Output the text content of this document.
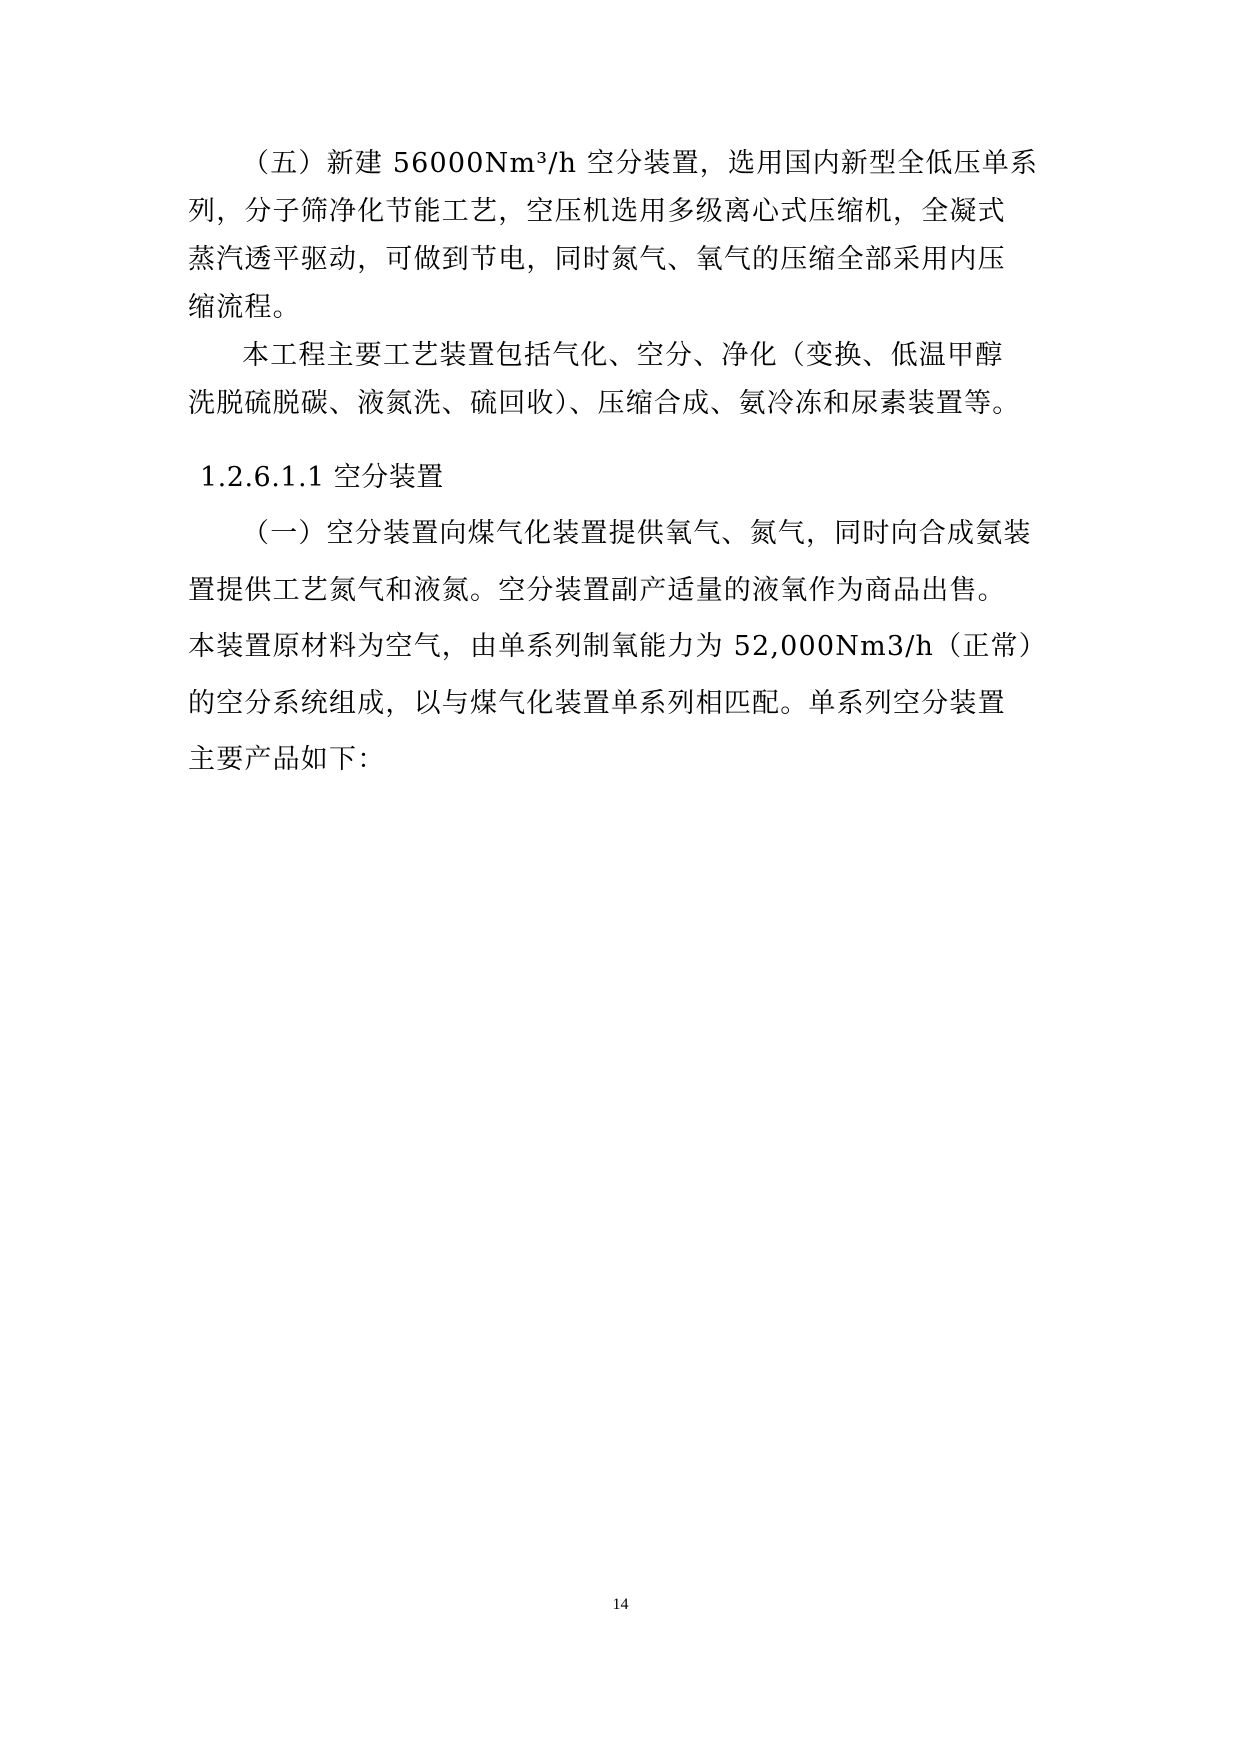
（五）新建 56000Nm³/h 空分装置，选用国内新型全低压单系
列，分子筛净化节能工艺，空压机选用多级离心式压缩机，全凝式
蒸汽透平驱动，可做到节电，同时氮气、氧气的压缩全部采用内压
缩流程。
本工程主要工艺装置包括气化、空分、净化（变换、低温甲醇
洗脱硫脱碳、液氮洗、硫回收）、压缩合成、氨冷冻和尿素装置等。
1.2.6.1.1 空分装置
（一）空分装置向煤气化装置提供氧气、氮气，同时向合成氨装
置提供工艺氮气和液氮。空分装置副产适量的液氧作为商品出售。
本装置原材料为空气，由单系列制氧能力为 52,000Nm3/h（正常）
的空分系统组成，以与煤气化装置单系列相匹配。单系列空分装置
主要产品如下：
14
